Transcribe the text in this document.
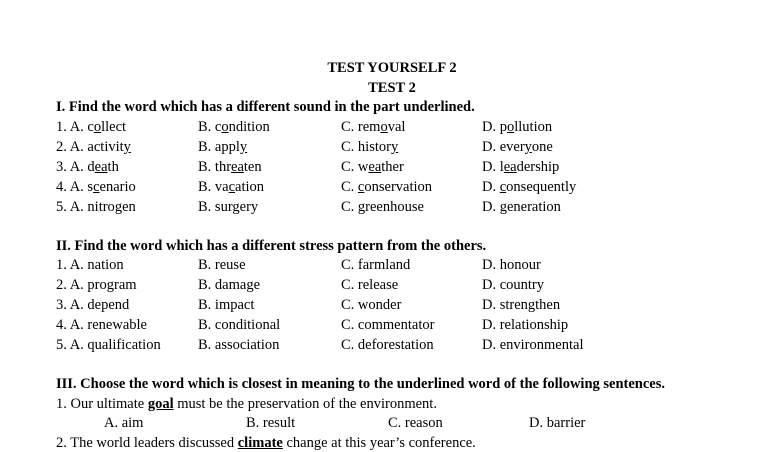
TEST YOURSELF 2
TEST 2
I. Find the word which has a different sound in the part underlined.
1. A. collect	B. condition	C. removal	D. pollution
2. A. activity	B. apply	C. history	D. everyone
3. A. death	B. threaten	C. weather	D. leadership
4. A. scenario	B. vacation	C. conservation	D. consequently
5. A. nitrogen	B. surgery	C. greenhouse	D. generation
II. Find the word which has a different stress pattern from the others.
1. A. nation	B. reuse	C. farmland	D. honour
2. A. program	B. damage	C. release	D. country
3. A. depend	B. impact	C. wonder	D. strengthen
4. A. renewable	B. conditional	C. commentator	D. relationship
5. A. qualification	B. association	C. deforestation	D. environmental
III. Choose the word which is closest in meaning to the underlined word of the following sentences.
1. Our ultimate goal must be the preservation of the environment.
A. aim	B. result	C. reason	D. barrier
2. The world leaders discussed climate change at this year’s conference.
